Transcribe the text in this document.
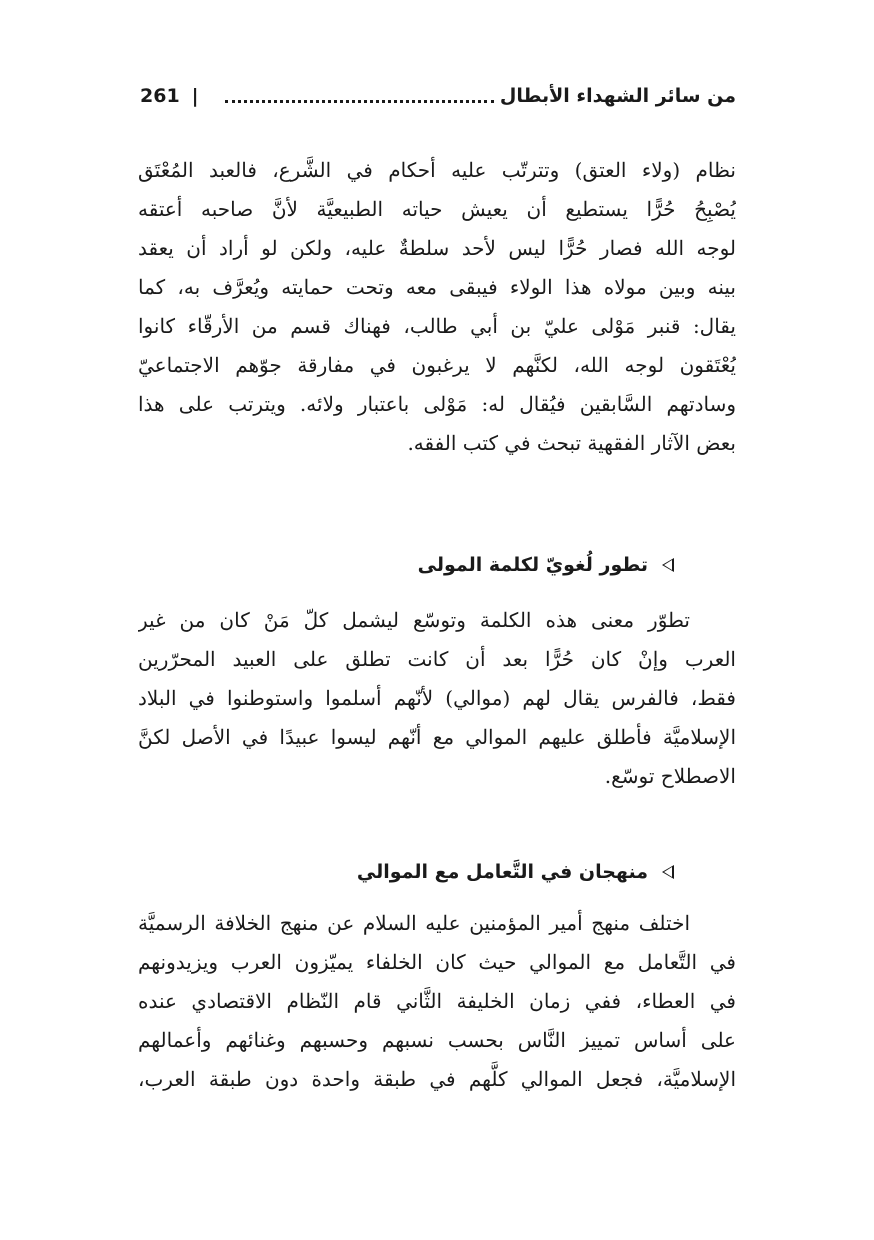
من سائر الشهداء الأبطال
|
261
نظام (ولاء العتق) وتترتّب عليه أحكام في الشَّرع، فالعبد المُعْتَق
يُصْبِحُ حُرًّا يستطيع أن يعيش حياته الطبيعيَّة لأنَّ صاحبه أعتقه
لوجه الله فصار حُرًّا ليس لأحد سلطةٌ عليه، ولكن لو أراد أن يعقد
بينه وبين مولاه هذا الولاء فيبقى معه وتحت حمايته ويُعرَّف به، كما
يقال: قنبر مَوْلى عليّ بن أبي طالب، فهناك قسم من الأرقّاء كانوا
يُعْتَقون لوجه الله، لكنَّهم لا يرغبون في مفارقة جوّهم الاجتماعيّ
وسادتهم السَّابقين فيُقال له: مَوْلى باعتبار ولائه. ويترتب على هذا
بعض الآثار الفقهية تبحث في كتب الفقه.
تطور لُغويّ لكلمة المولى
تطوّر معنى هذه الكلمة وتوسّع ليشمل كلّ مَنْ كان من غير
العرب وإنْ كان حُرًّا بعد أن كانت تطلق على العبيد المحرّرين
فقط، فالفرس يقال لهم (موالي) لأنّهم أسلموا واستوطنوا في البلاد
الإسلاميَّة فأطلق عليهم الموالي مع أنّهم ليسوا عبيدًا في الأصل لكنَّ
الاصطلاح توسّع.
منهجان في التَّعامل مع الموالي
اختلف منهج أمير المؤمنين عليه السلام عن منهج الخلافة الرسميَّة
في التَّعامل مع الموالي حيث كان الخلفاء يميّزون العرب ويزيدونهم
في العطاء، ففي زمان الخليفة الثَّاني قام النّظام الاقتصادي عنده
على أساس تمييز النَّاس بحسب نسبهم وحسبهم وغنائهم وأعمالهم
الإسلاميَّة، فجعل الموالي كلَّهم في طبقة واحدة دون طبقة العرب،
